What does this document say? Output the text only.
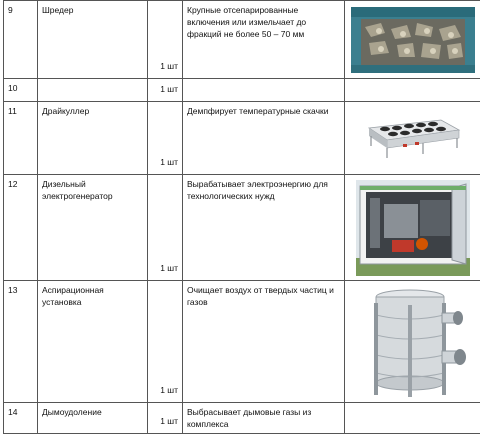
9	Шредер	1 шт	Крупные отсепарированные включения или измельчает до фракций не более 50 – 70 мм	

10		1 шт		
11	Драйкуллер	1 шт	Демпфирует температурные скачки	

12	Дизельный электрогенератор	1 шт	Вырабатывает электроэнергию для технологических нужд	

13	Аспирационная установка	1 шт	Очищает воздух от твердых частиц и газов	

14	Дымоудоление	1 шт	Выбрасывает дымовые газы из комплекса	
